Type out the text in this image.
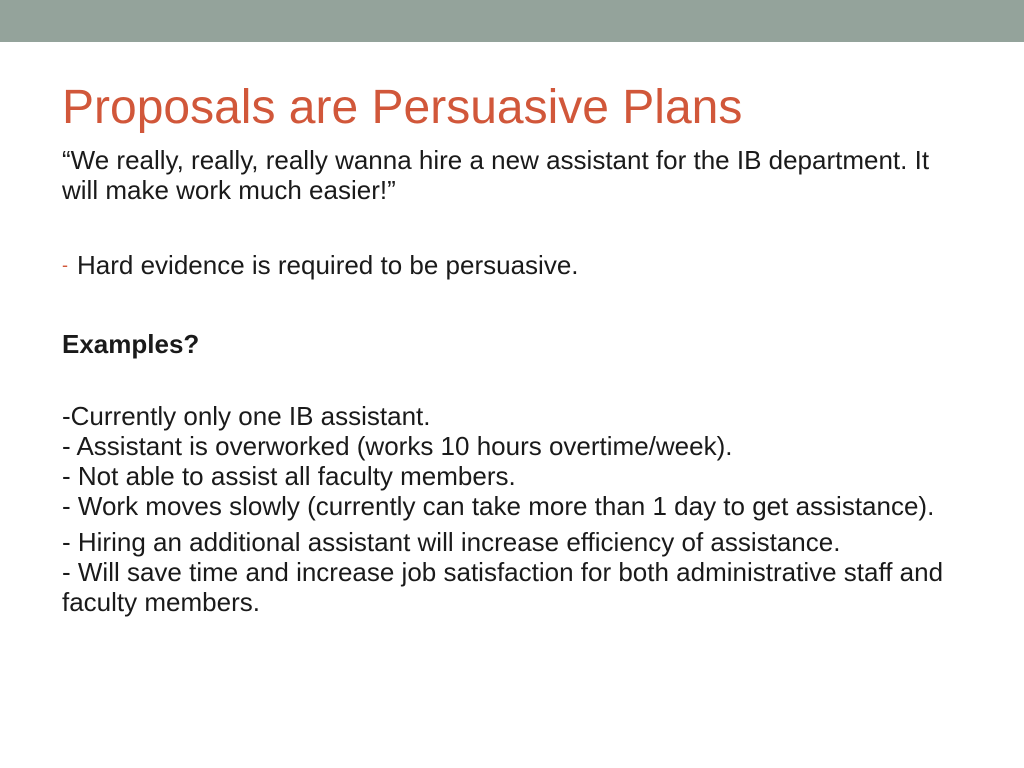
Proposals are Persuasive Plans

“We really, really, really wanna hire a new assistant for the IB department. It will make work much easier!”

- Hard evidence is required to be persuasive.

Examples?

-Currently only one IB assistant.
- Assistant is overworked (works 10 hours overtime/week).
- Not able to assist all faculty members.
- Work moves slowly (currently can take more than 1 day to get assistance).

- Hiring an additional assistant will increase efficiency of assistance.
- Will save time and increase job satisfaction for both administrative staff and faculty members.
